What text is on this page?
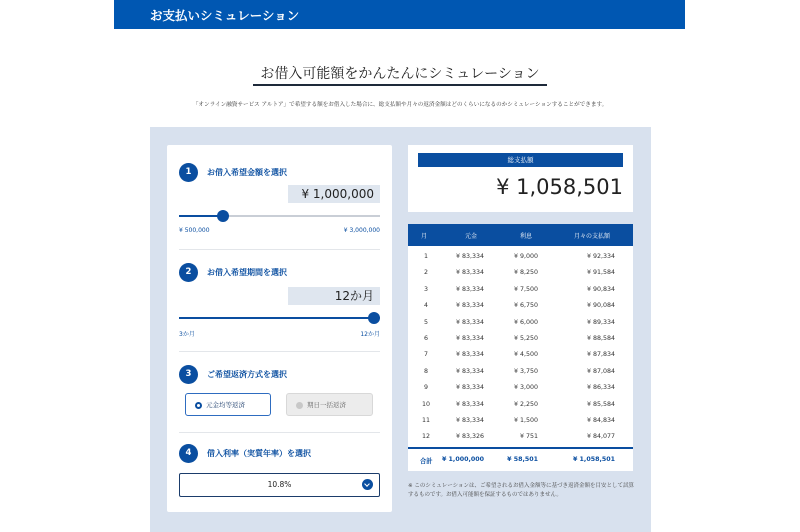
お支払いシミュレーション
お借入可能額をかんたんにシミュレーション
「オンライン融資サービス アルトア」で希望する額をお借入した場合に、総支払額や月々の返済金額はどのくらいになるのかシミュレーションすることができます。
1	お借入希望金額を選択
¥ 1,000,000
¥ 500,000	¥ 3,000,000
2	お借入希望期間を選択
12か月
3か月	12か月
3	ご希望返済方式を選択
元金均等返済	期日一括返済
4	借入利率（実質年率）を選択
10.8%
総支払額
¥ 1,058,501
月	元金	利息	月々の支払額
1	¥ 83,334	¥ 9,000	¥ 92,334
2	¥ 83,334	¥ 8,250	¥ 91,584
3	¥ 83,334	¥ 7,500	¥ 90,834
4	¥ 83,334	¥ 6,750	¥ 90,084
5	¥ 83,334	¥ 6,000	¥ 89,334
6	¥ 83,334	¥ 5,250	¥ 88,584
7	¥ 83,334	¥ 4,500	¥ 87,834
8	¥ 83,334	¥ 3,750	¥ 87,084
9	¥ 83,334	¥ 3,000	¥ 86,334
10	¥ 83,334	¥ 2,250	¥ 85,584
11	¥ 83,334	¥ 1,500	¥ 84,834
12	¥ 83,326	¥ 751	¥ 84,077
合計 ¥ 1,000,000	¥ 58,501	¥ 1,058,501
※ このシミュレーションは、ご希望されるお借入金額等に基づき返済金額を目安として試算するものです。お借入可能額を保証するものではありません。
